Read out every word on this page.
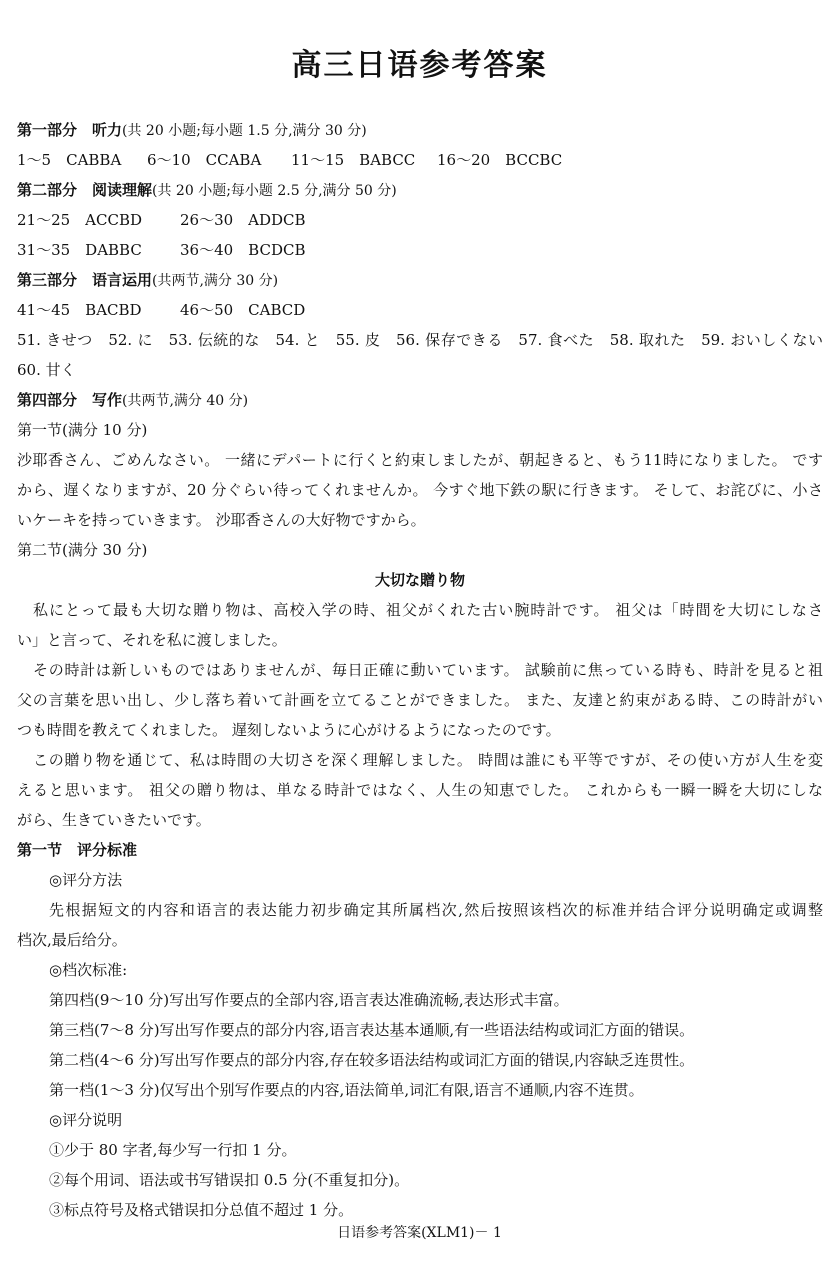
高三日语参考答案
第一部分　听力(共 20 小题;每小题 1.5 分,满分 30 分)
1～5　CABBA 6～10　CCABA 11～15　BABCC 16～20　BCCBC
第二部分　阅读理解(共 20 小题;每小题 2.5 分,满分 50 分)
21～25　ACCBD	26～30　ADDCB
31～35　DABBC	36～40　BCDCB
第三部分　语言运用(共两节,满分 30 分)
41～45　BACBD	46～50　CABCD
51. きせつ　52. に　53. 伝統的な　54. と　55. 皮　56. 保存できる　57. 食べた　58. 取れた　59. おいしくない
60. 甘く
第四部分　写作(共两节,满分 40 分)
第一节(满分 10 分)
沙耶香さん、ごめんなさい。 一緒にデパートに行くと約束しましたが、朝起きると、もう11時になりました。 です
から、遅くなりますが、20 分ぐらい待ってくれませんか。 今すぐ地下鉄の駅に行きます。 そして、お詫びに、小さ
いケーキを持っていきます。 沙耶香さんの大好物ですから。
第二节(满分 30 分)
大切な贈り物
私にとって最も大切な贈り物は、高校入学の時、祖父がくれた古い腕時計です。 祖父は「時間を大切にしなさ
い」と言って、それを私に渡しました。
その時計は新しいものではありませんが、毎日正確に動いています。 試験前に焦っている時も、時計を見ると祖
父の言葉を思い出し、少し落ち着いて計画を立てることができました。 また、友達と約束がある時、この時計がい
つも時間を教えてくれました。 遅刻しないように心がけるようになったのです。
この贈り物を通じて、私は時間の大切さを深く理解しました。 時間は誰にも平等ですが、その使い方が人生を変
えると思います。 祖父の贈り物は、単なる時計ではなく、人生の知恵でした。 これからも一瞬一瞬を大切にしな
がら、生きていきたいです。
第一节　评分标准
◎评分方法
先根据短文的内容和语言的表达能力初步确定其所属档次,然后按照该档次的标准并结合评分说明确定或调整
档次,最后给分。
◎档次标准:
第四档(9～10 分)写出写作要点的全部内容,语言表达准确流畅,表达形式丰富。
第三档(7～8 分)写出写作要点的部分内容,语言表达基本通顺,有一些语法结构或词汇方面的错误。
第二档(4～6 分)写出写作要点的部分内容,存在较多语法结构或词汇方面的错误,内容缺乏连贯性。
第一档(1～3 分)仅写出个别写作要点的内容,语法简单,词汇有限,语言不通顺,内容不连贯。
◎评分说明
①少于 80 字者,每少写一行扣 1 分。
②每个用词、语法或书写错误扣 0.5 分(不重复扣分)。
③标点符号及格式错误扣分总值不超过 1 分。
日语参考答案(XLM1)－ 1
